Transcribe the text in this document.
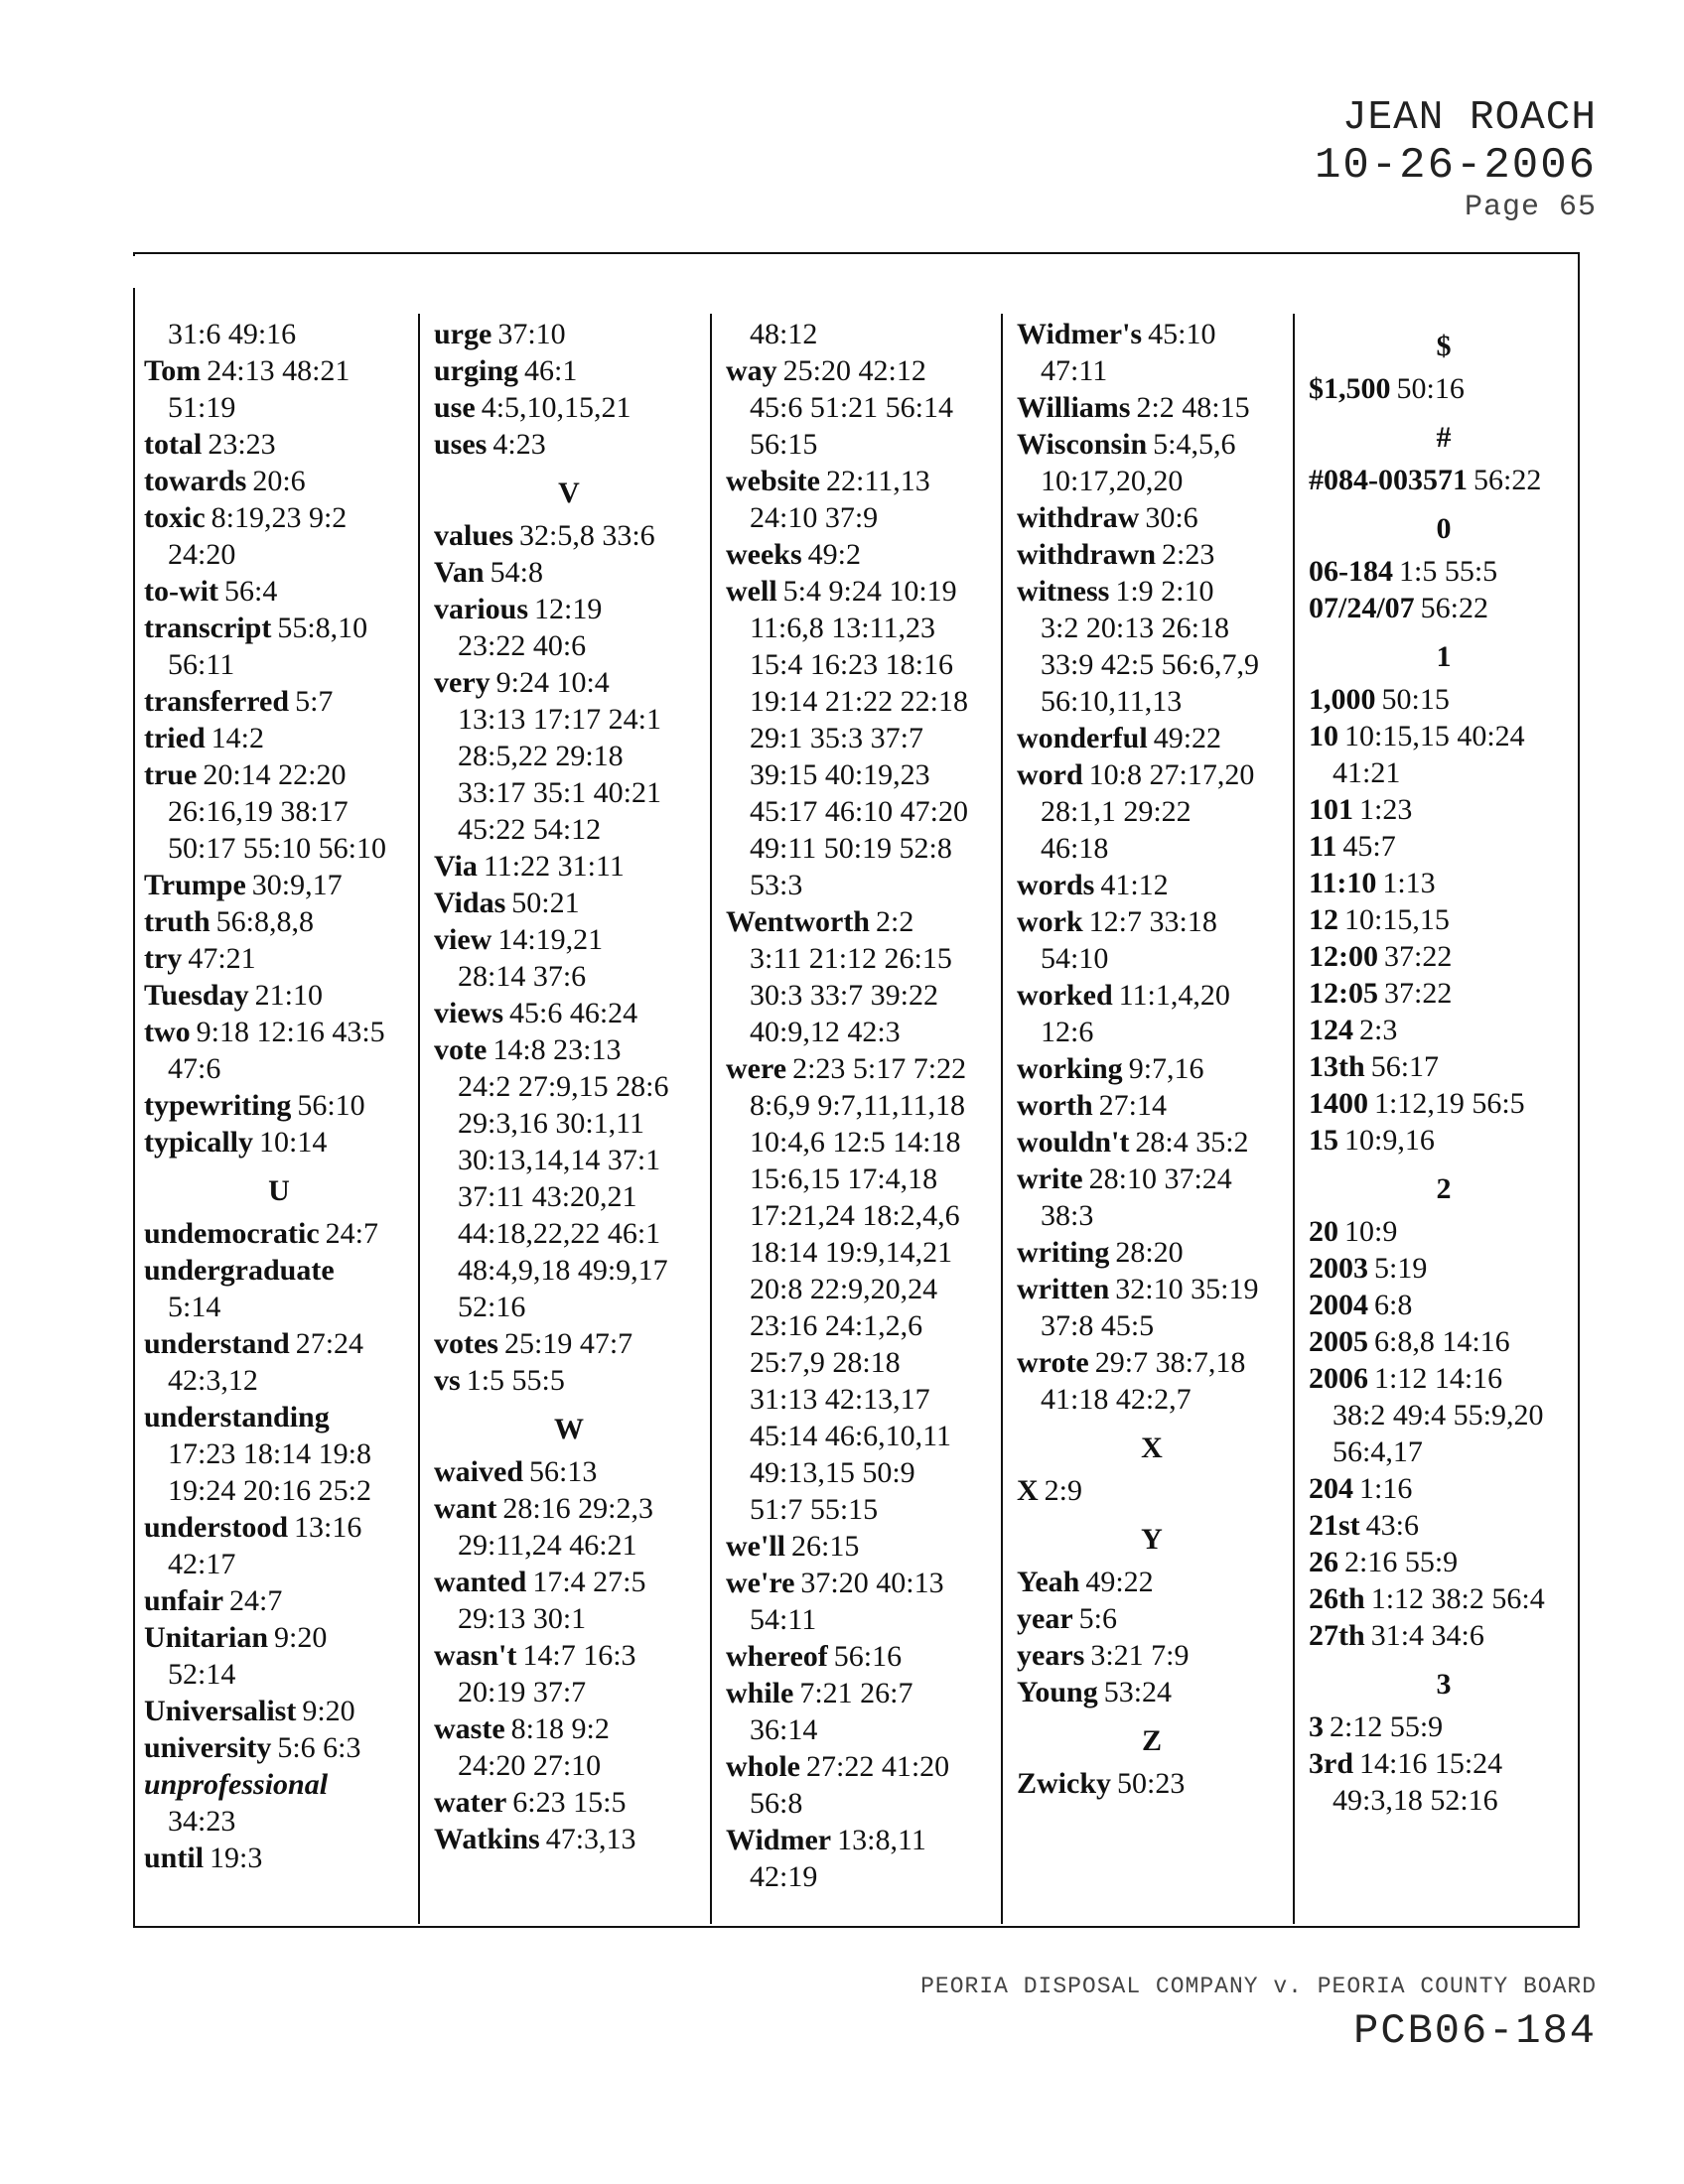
JEAN ROACH
10-26-2006
Page 65
31:6 49:16
Tom 24:13 48:21
51:19
total 23:23
towards 20:6
toxic 8:19,23 9:2
24:20
to-wit 56:4
transcript 55:8,10
56:11
transferred 5:7
tried 14:2
true 20:14 22:20
26:16,19 38:17
50:17 55:10 56:10
Trumpe 30:9,17
truth 56:8,8,8
try 47:21
Tuesday 21:10
two 9:18 12:16 43:5
47:6
typewriting 56:10
typically 10:14
U
undemocratic 24:7
undergraduate
5:14
understand 27:24
42:3,12
understanding
17:23 18:14 19:8
19:24 20:16 25:2
understood 13:16
42:17
unfair 24:7
Unitarian 9:20
52:14
Universalist 9:20
university 5:6 6:3
unprofessional
34:23
until 19:3
urge 37:10
urging 46:1
use 4:5,10,15,21
uses 4:23
V
values 32:5,8 33:6
Van 54:8
various 12:19
23:22 40:6
very 9:24 10:4
13:13 17:17 24:1
28:5,22 29:18
33:17 35:1 40:21
45:22 54:12
Via 11:22 31:11
Vidas 50:21
view 14:19,21
28:14 37:6
views 45:6 46:24
vote 14:8 23:13
24:2 27:9,15 28:6
29:3,16 30:1,11
30:13,14,14 37:1
37:11 43:20,21
44:18,22,22 46:1
48:4,9,18 49:9,17
52:16
votes 25:19 47:7
vs 1:5 55:5
W
waived 56:13
want 28:16 29:2,3
29:11,24 46:21
wanted 17:4 27:5
29:13 30:1
wasn't 14:7 16:3
20:19 37:7
waste 8:18 9:2
24:20 27:10
water 6:23 15:5
Watkins 47:3,13
48:12
way 25:20 42:12
45:6 51:21 56:14
56:15
website 22:11,13
24:10 37:9
weeks 49:2
well 5:4 9:24 10:19
11:6,8 13:11,23
15:4 16:23 18:16
19:14 21:22 22:18
29:1 35:3 37:7
39:15 40:19,23
45:17 46:10 47:20
49:11 50:19 52:8
53:3
Wentworth 2:2
3:11 21:12 26:15
30:3 33:7 39:22
40:9,12 42:3
were 2:23 5:17 7:22
8:6,9 9:7,11,11,18
10:4,6 12:5 14:18
15:6,15 17:4,18
17:21,24 18:2,4,6
18:14 19:9,14,21
20:8 22:9,20,24
23:16 24:1,2,6
25:7,9 28:18
31:13 42:13,17
45:14 46:6,10,11
49:13,15 50:9
51:7 55:15
we'll 26:15
we're 37:20 40:13
54:11
whereof 56:16
while 7:21 26:7
36:14
whole 27:22 41:20
56:8
Widmer 13:8,11
42:19
Widmer's 45:10
47:11
Williams 2:2 48:15
Wisconsin 5:4,5,6
10:17,20,20
withdraw 30:6
withdrawn 2:23
witness 1:9 2:10
3:2 20:13 26:18
33:9 42:5 56:6,7,9
56:10,11,13
wonderful 49:22
word 10:8 27:17,20
28:1,1 29:22
46:18
words 41:12
work 12:7 33:18
54:10
worked 11:1,4,20
12:6
working 9:7,16
worth 27:14
wouldn't 28:4 35:2
write 28:10 37:24
38:3
writing 28:20
written 32:10 35:19
37:8 45:5
wrote 29:7 38:7,18
41:18 42:2,7
X
X 2:9
Y
Yeah 49:22
year 5:6
years 3:21 7:9
Young 53:24
Z
Zwicky 50:23
$
$1,500 50:16
#
#084-003571 56:22
0
06-184 1:5 55:5
07/24/07 56:22
1
1,000 50:15
10 10:15,15 40:24
41:21
101 1:23
11 45:7
11:10 1:13
12 10:15,15
12:00 37:22
12:05 37:22
124 2:3
13th 56:17
1400 1:12,19 56:5
15 10:9,16
2
20 10:9
2003 5:19
2004 6:8
2005 6:8,8 14:16
2006 1:12 14:16
38:2 49:4 55:9,20
56:4,17
204 1:16
21st 43:6
26 2:16 55:9
26th 1:12 38:2 56:4
27th 31:4 34:6
3
3 2:12 55:9
3rd 14:16 15:24
49:3,18 52:16
PEORIA DISPOSAL COMPANY v. PEORIA COUNTY BOARD
PCB06-184
